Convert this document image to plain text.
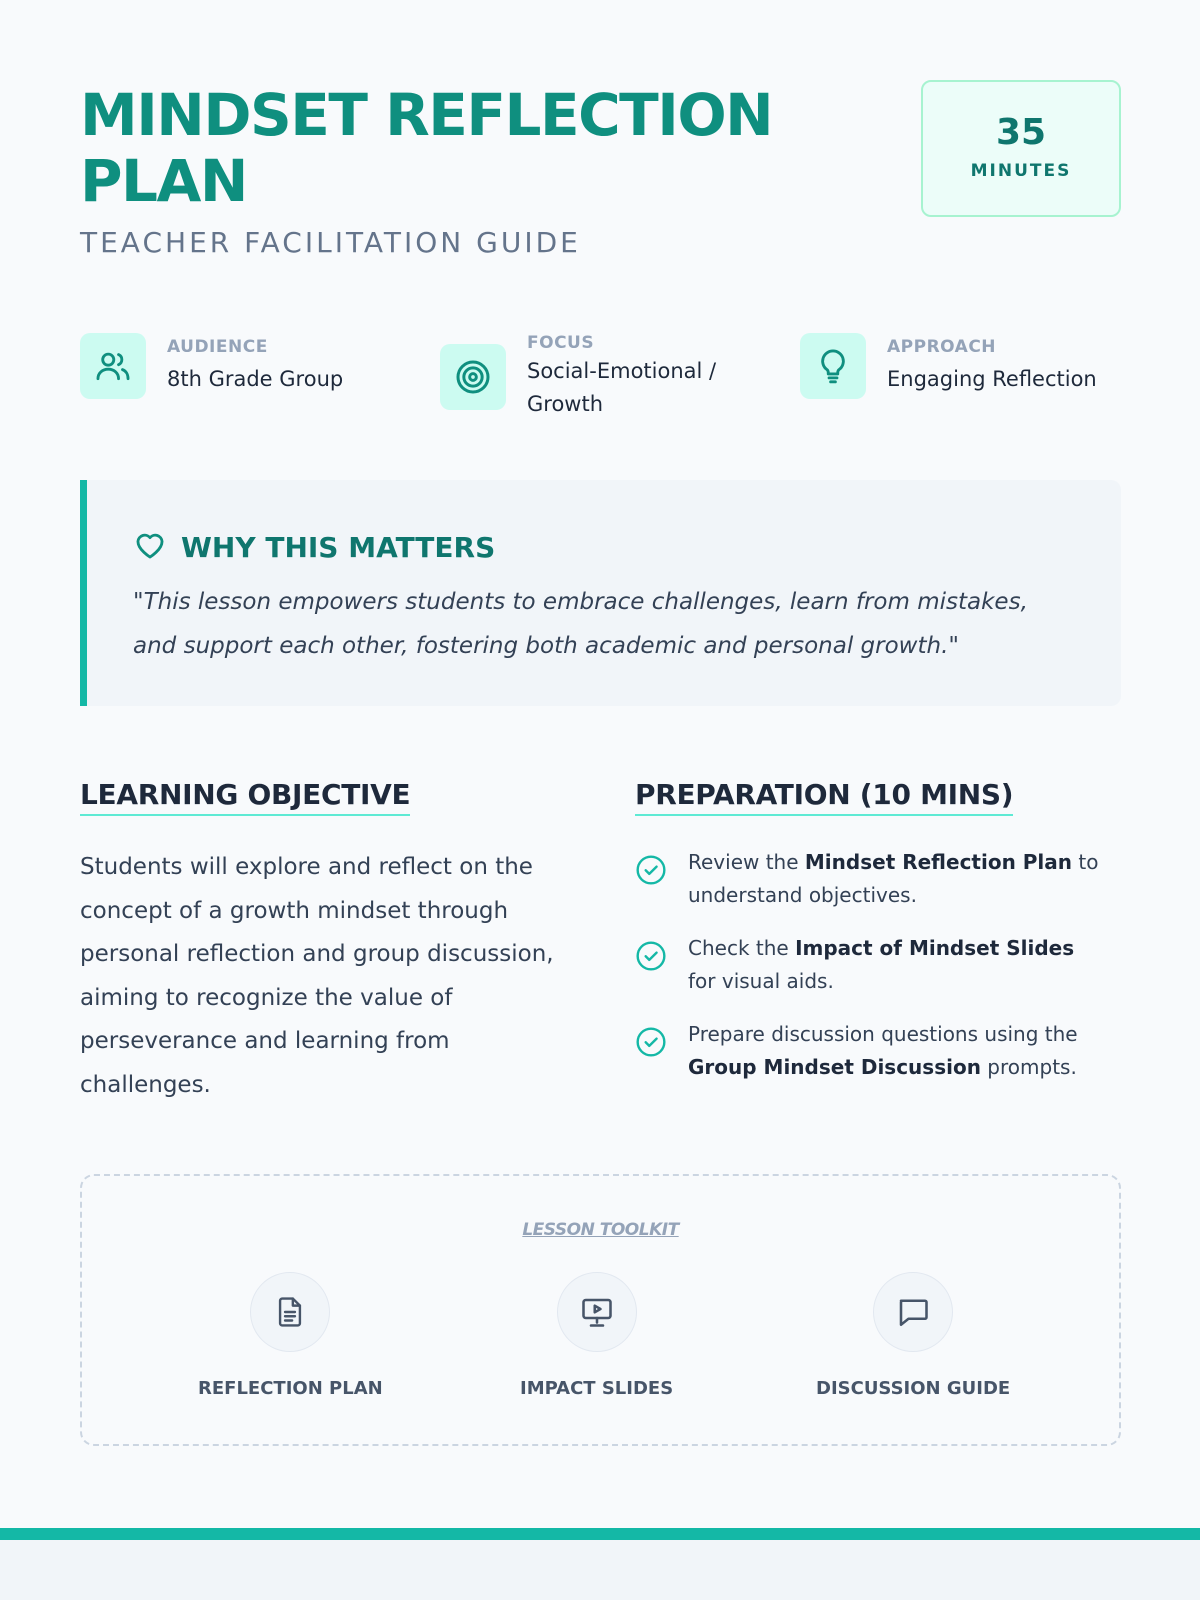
MINDSET REFLECTION PLAN
TEACHER FACILITATION GUIDE
35
MINUTES
AUDIENCE
8th Grade Group
FOCUS
Social-Emotional / Growth
APPROACH
Engaging Reflection
WHY THIS MATTERS

"This lesson empowers students to embrace challenges, learn from mistakes, and support each other, fostering both academic and personal growth."

LEARNING OBJECTIVE

Students will explore and reflect on the concept of a growth mindset through personal reflection and group discussion, aiming to recognize the value of perseverance and learning from challenges.

PREPARATION (10 MINS)
Review the Mindset Reflection Plan to understand objectives.
Check the Impact of Mindset Slides for visual aids.
Prepare discussion questions using the Group Mindset Discussion prompts.
LESSON TOOLKIT
REFLECTION PLAN	IMPACT SLIDES	DISCUSSION GUIDE
